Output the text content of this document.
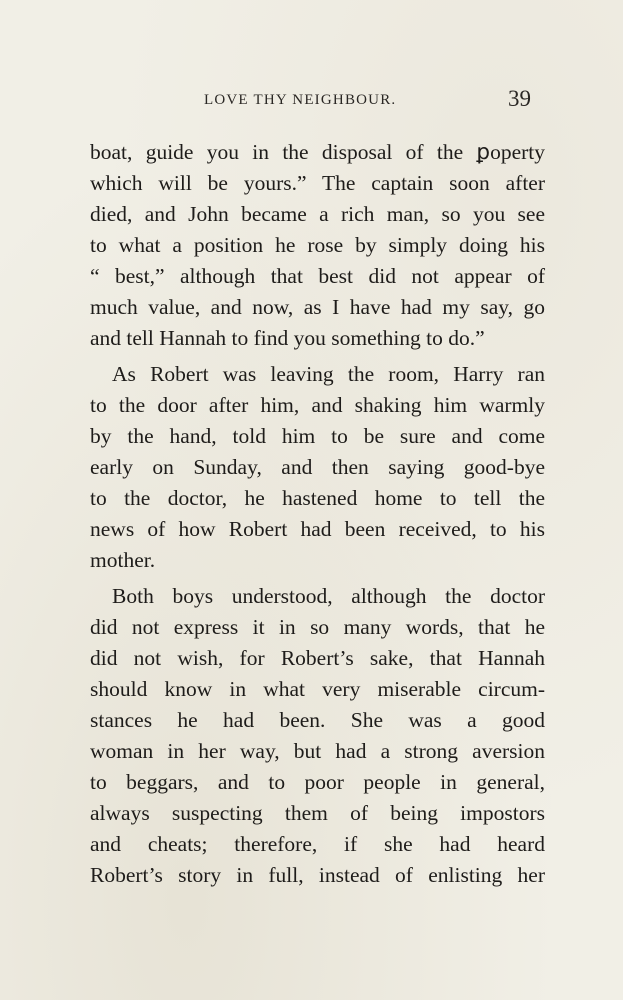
LOVE THY NEIGHBOUR.	39
boat, guide you in the disposal of the ꝑoperty
which will be yours.” The captain soon after
died, and John became a rich man, so you see
to what a position he rose by simply doing his
“ best,” although that best did not appear of
much value, and now, as I have had my say, go
and tell Hannah to find you something to do.”
As Robert was leaving the room, Harry ran
to the door after him, and shaking him warmly
by the hand, told him to be sure and come
early on Sunday, and then saying good-bye
to the doctor, he hastened home to tell the
news of how Robert had been received, to his
mother.
Both boys understood, although the doctor
did not express it in so many words, that he
did not wish, for Robert’s sake, that Hannah
should know in what very miserable circum-
stances he had been. She was a good
woman in her way, but had a strong aversion
to beggars, and to poor people in general,
always suspecting them of being impostors
and cheats; therefore, if she had heard
Robert’s story in full, instead of enlisting her
